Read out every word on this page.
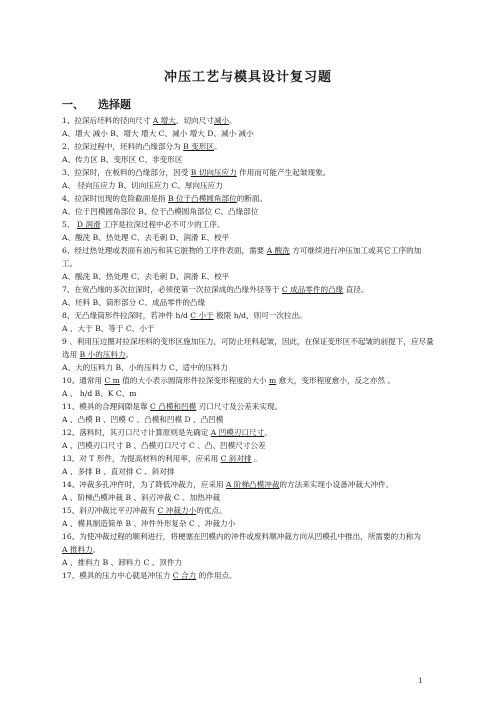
冲压工艺与模具设计复习题
一、 选择题
1、拉深后坯料的径向尺寸 A 增大，切向尺寸减小。
A、增大 减小 B、增大 增大 C、减小 增大 D、减小 减小
2、拉深过程中，坯料的凸缘部分为 B 变形区。
A、传力区 B、变形区 C、非变形区
3、拉深时，在板料的凸缘部分，因受 B 切向压应力 作用而可能产生起皱现象。
A、 径向压应力 B、切向压应力 C、厚向压应力
4、拉深时出现的危险截面是指 B 位于凸模圆角部位的断面。
A、位于凹模圆角部位 B、位于凸模圆角部位 C、凸缘部位
5、 D 润滑 工序是拉深过程中必不可少的工序。
A、酸洗 B、热处理 C、去毛刺 D、润滑 E、校平
6、经过热处理或表面有油污和其它脏物的工序件表面，需要 A 酸洗 方可继续进行冲压加工或其它工序的加工。
A、酸洗 B、热处理 C、去毛刺 D、润滑 E、校平
7、在宽凸缘的多次拉深时，必须使第一次拉深成的凸缘外径等于 C 成品零件的凸缘 直径。
A、坯料 B、筒形部分 C、成品零件的凸缘
8、无凸缘筒形件拉深时，若冲件 h/d C 小于 极限 h/d，则可一次拉出。
A 、大于 B、等于 C、小于
9 、利用压边圈对拉深坯料的变形区施加压力，可防止坯料起皱，因此，在保证变形区不起皱的前提下，应尽量选用 B 小的压料力。
A、大的压料力 B、小的压料力 C、适中的压料力
10、通常用 C m 值的大小表示圆筒形件拉深变形程度的大小 m 愈大，变形程度愈小，反之亦然 。
A 、 h/d B、K C、m
11、模具的合理间隙是靠 C 凸模和凹模 刃口尺寸及公差来实现。
A 、凸模 B 、凹模 C 、凸模和凹模 D 、凸凹模
12、落料时，其刃口尺寸计算原则是先确定 A 凹模刃口尺寸。
A 、凹模刃口尺寸 B 、凸模刃口尺寸 C 、凸、凹模尺寸公差
13、对 T 形件，为提高材料的利用率，应采用 C 斜对排 。
A 、多排 B 、直对排 C 、斜对排
14、冲裁多孔冲件时，为了降低冲裁力，应采用 A 阶梯凸模冲裁的方法来实现小设备冲裁大冲件。
A 、阶梯凸模冲裁 B 、斜刃冲裁 C 、加热冲裁
15、斜刃冲裁比平刃冲裁有 C 冲裁力小的优点。
A 、模具制造简单 B 、冲件外形复杂 C 、冲裁力小
16、为使冲裁过程的顺利进行，将梗塞在凹模内的冲件或废料顺冲裁方向从凹模孔中推出，所需要的力称为
A 推料力。
A 、推料力 B 、卸料力 C 、顶件力
17、模具的压力中心就是冲压力 C 合力 的作用点。
1
